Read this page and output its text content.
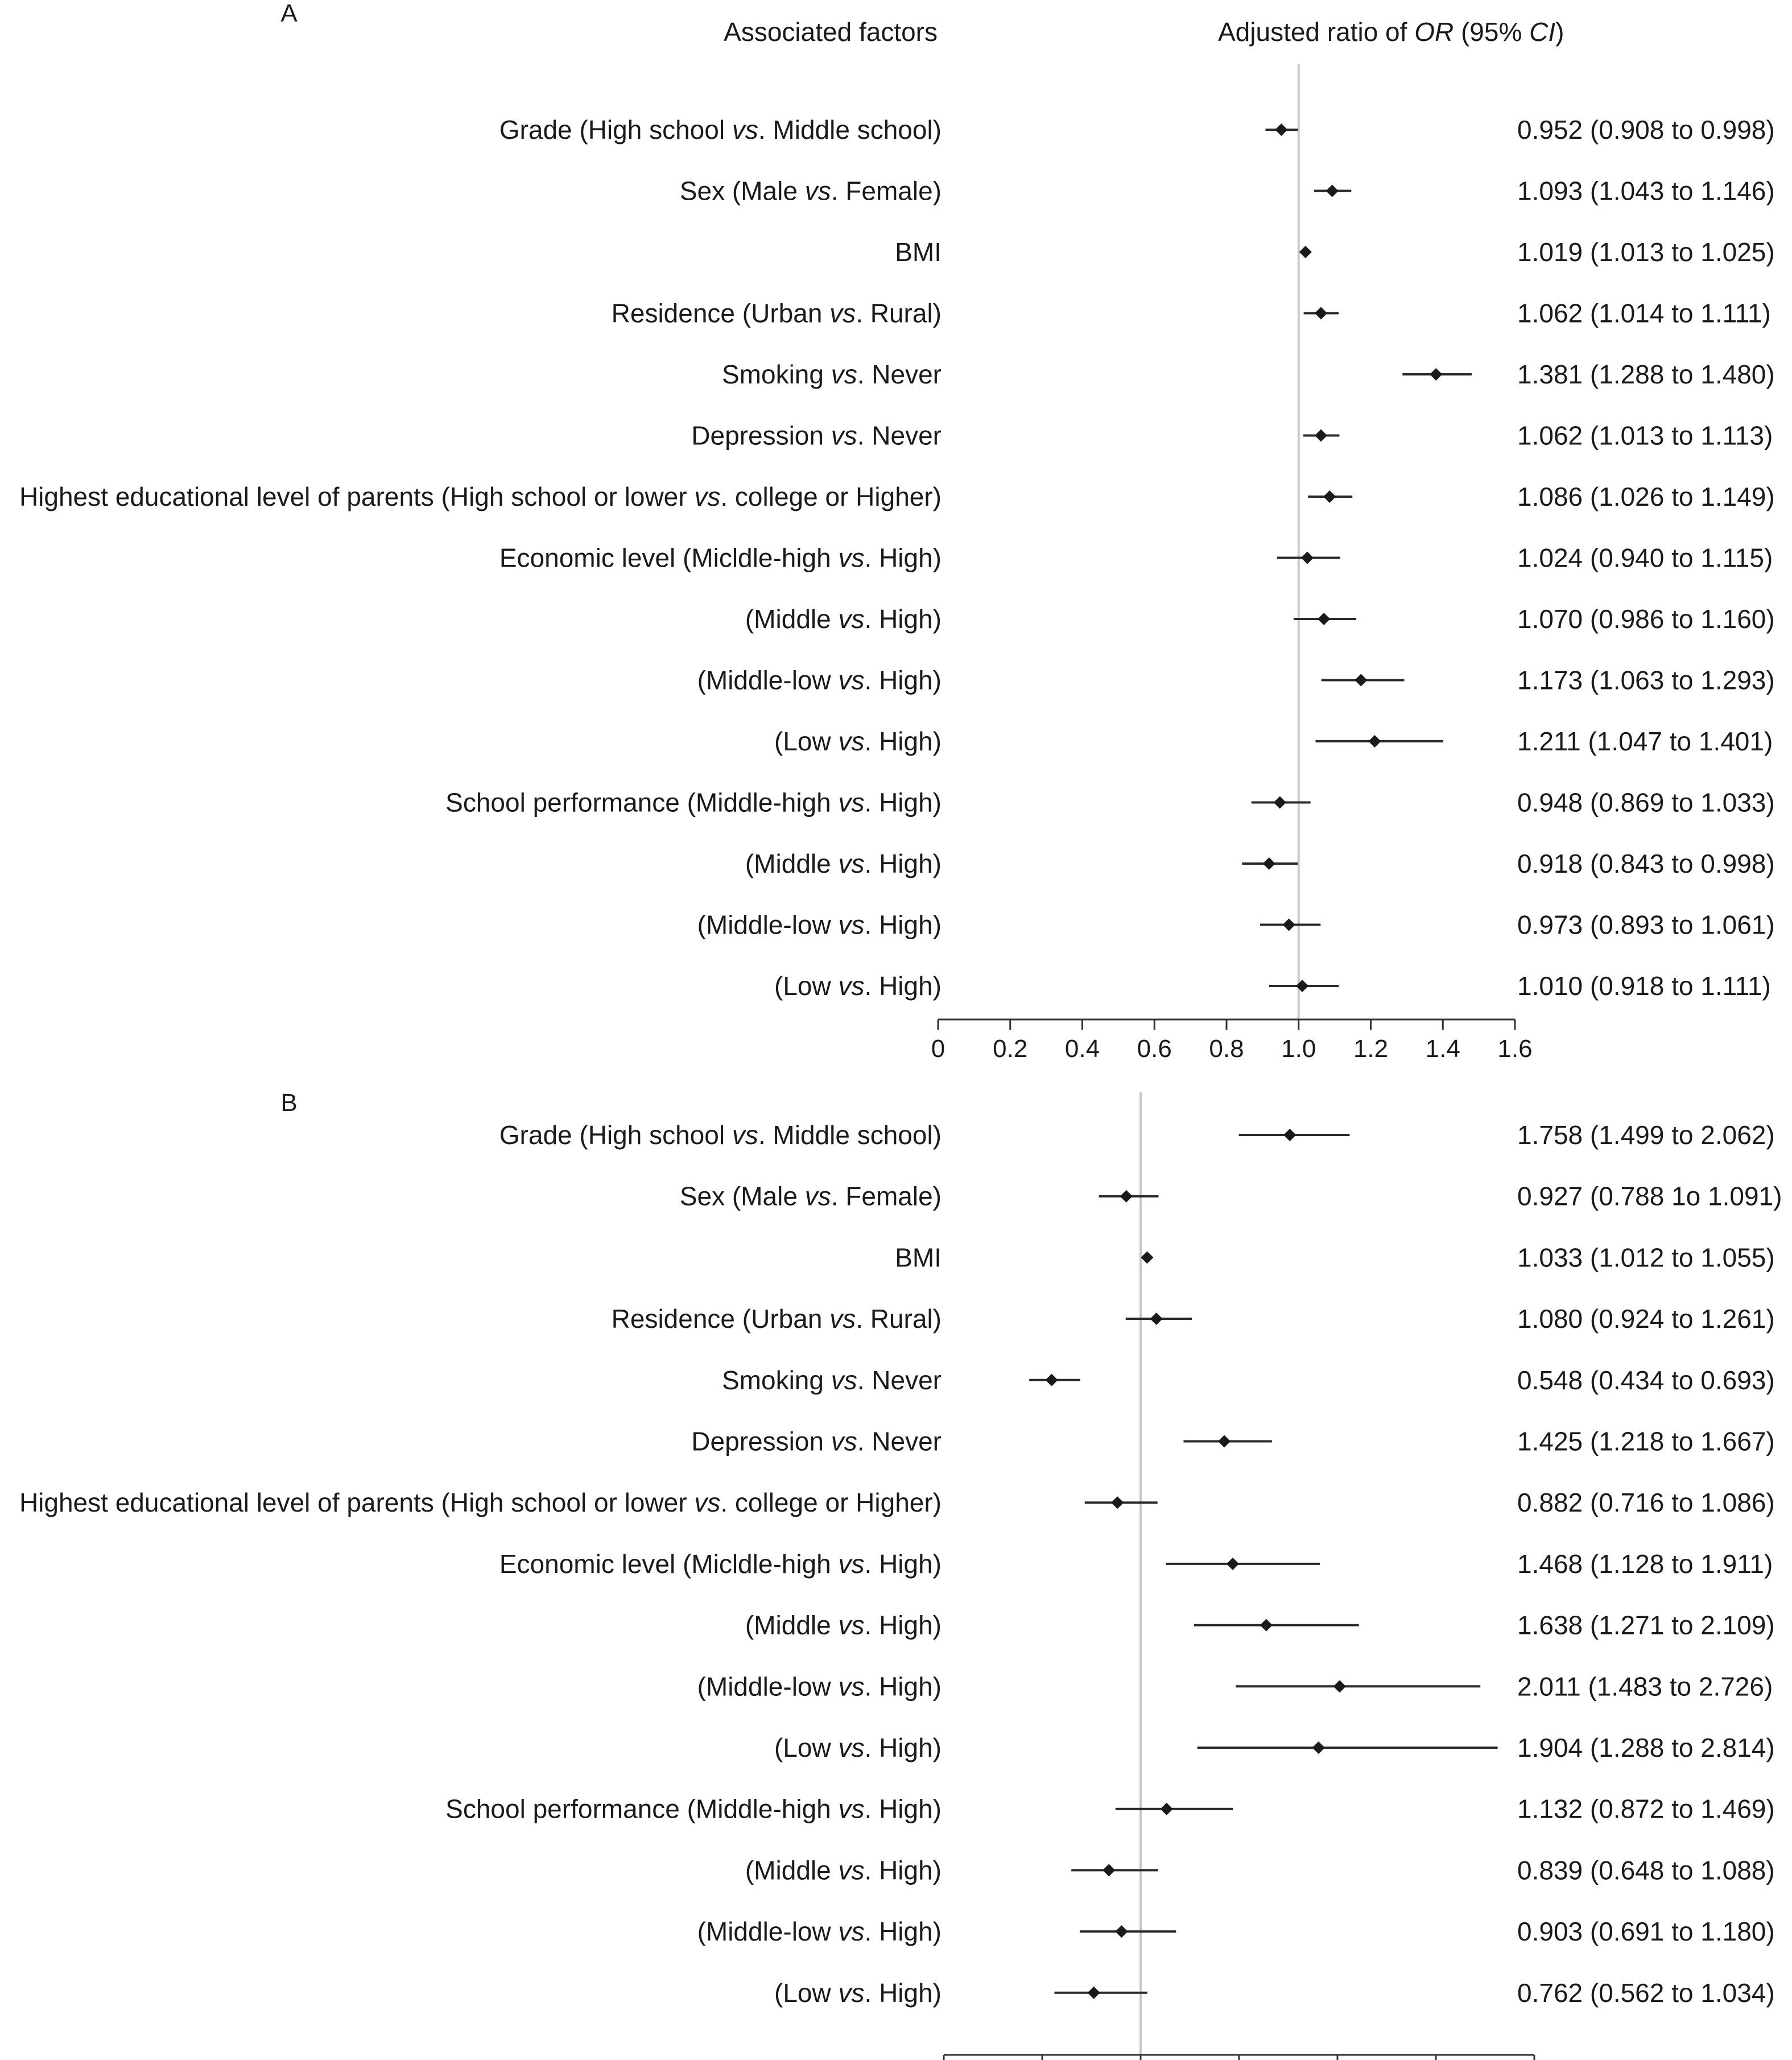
A
Associated factors	Adjusted ratio of OR (95% CI)
0 0.2 0.4 0.6 0.8 1.0 1.2 1.4 1.6
Grade (High school vs. Middle school)	0.952 (0.908 to 0.998)
Sex (Male vs. Female)	1.093 (1.043 to 1.146)
BMI	1.019 (1.013 to 1.025)
Residence (Urban vs. Rural)	1.062 (1.014 to 1.111)
Smoking vs. Never	1.381 (1.288 to 1.480)
Depression vs. Never	1.062 (1.013 to 1.113)
Highest educational level of parents (High school or lower vs. college or Higher)	1.086 (1.026 to 1.149)
Economic level (Micldle-high vs. High)	1.024 (0.940 to 1.115)
(Middle vs. High)	1.070 (0.986 to 1.160)
(Middle-low vs. High)	1.173 (1.063 to 1.293)
(Low vs. High)	1.211 (1.047 to 1.401)
School performance (Middle-high vs. High)	0.948 (0.869 to 1.033)
(Middle vs. High)	0.918 (0.843 to 0.998)
(Middle-low vs. High)	0.973 (0.893 to 1.061)
(Low vs. High)	1.010 (0.918 to 1.111)
B
Grade (High school vs. Middle school)	1.758 (1.499 to 2.062)
Sex (Male vs. Female)	0.927 (0.788 1o 1.091)
BMI	1.033 (1.012 to 1.055)
Residence (Urban vs. Rural)	1.080 (0.924 to 1.261)
Smoking vs. Never	0.548 (0.434 to 0.693)
Depression vs. Never	1.425 (1.218 to 1.667)
Highest educational level of parents (High school or lower vs. college or Higher)	0.882 (0.716 to 1.086)
Economic level (Micldle-high vs. High)	1.468 (1.128 to 1.911)
(Middle vs. High)	1.638 (1.271 to 2.109)
(Middle-low vs. High)	2.011 (1.483 to 2.726)
(Low vs. High)	1.904 (1.288 to 2.814)
School performance (Middle-high vs. High)	1.132 (0.872 to 1.469)
(Middle vs. High)	0.839 (0.648 to 1.088)
(Middle-low vs. High)	0.903 (0.691 to 1.180)
(Low vs. High)	0.762 (0.562 to 1.034)
